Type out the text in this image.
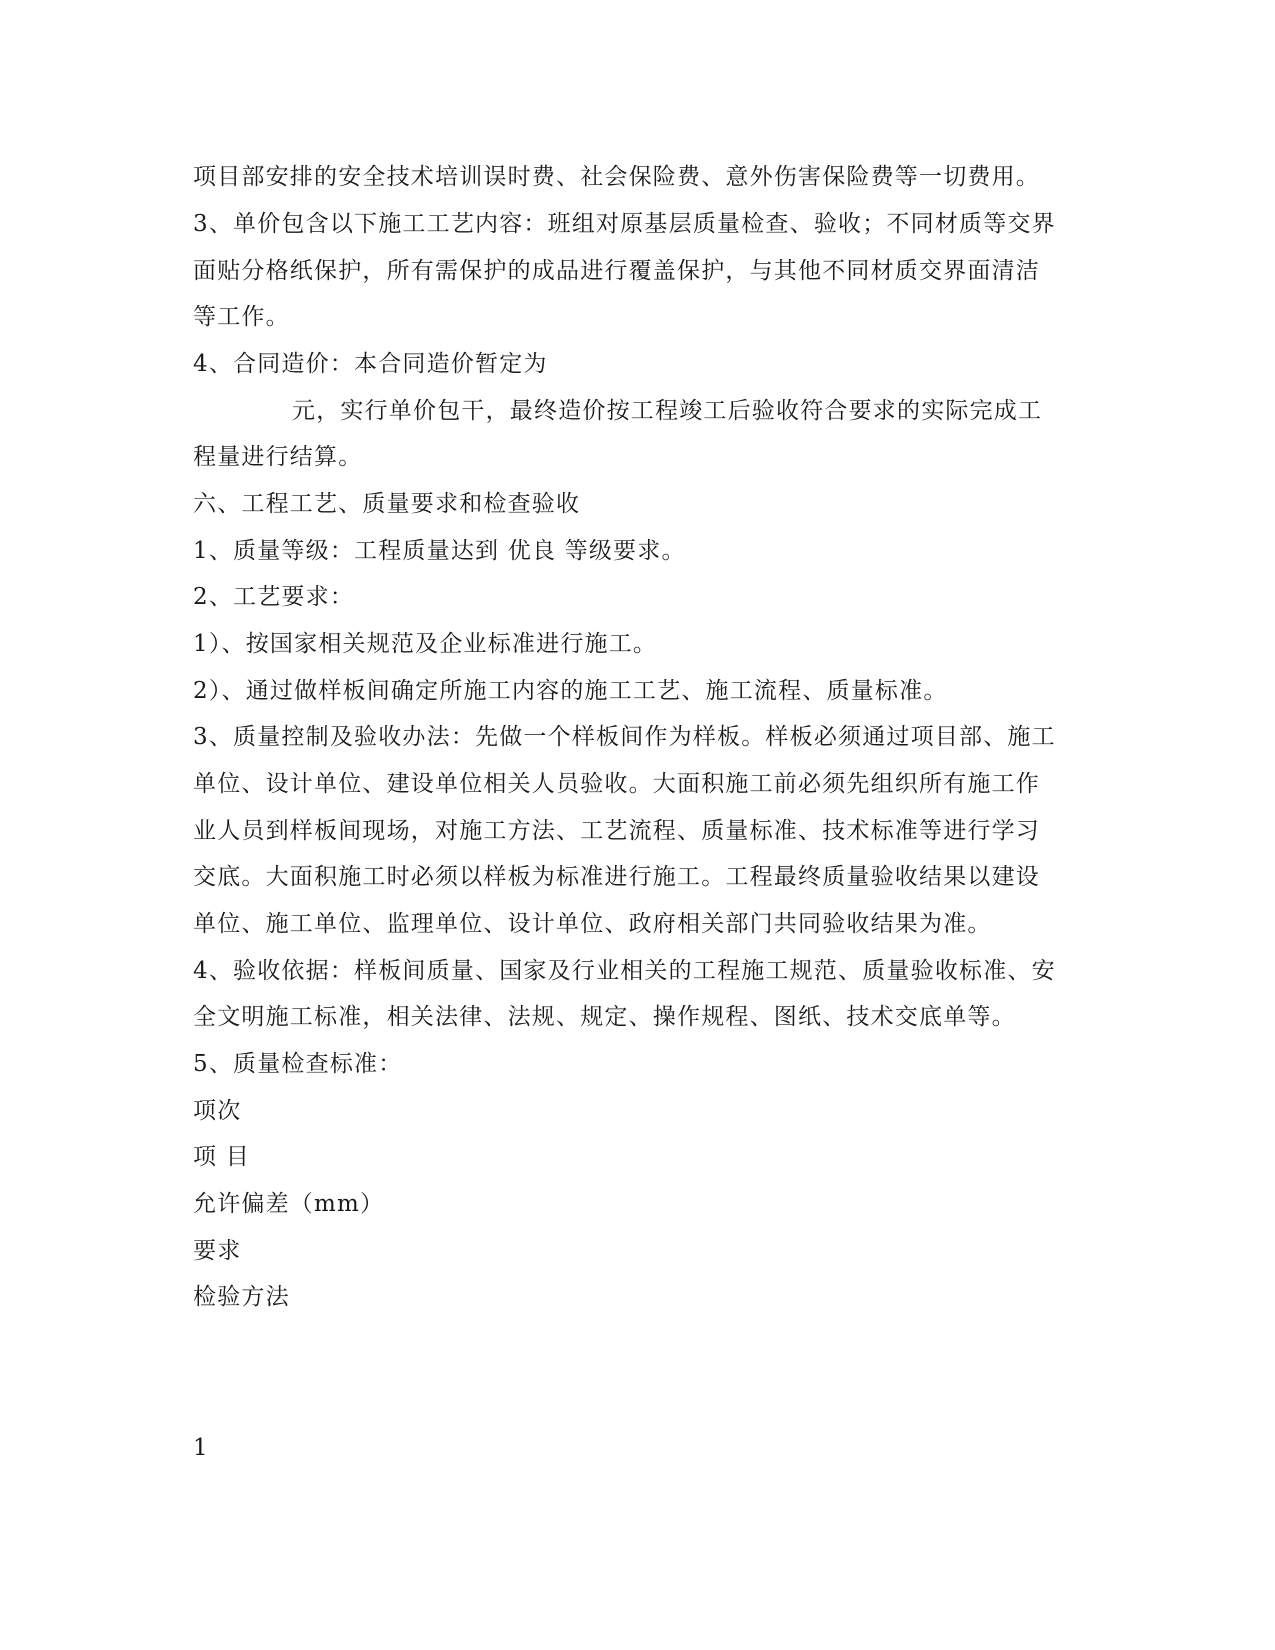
项目部安排的安全技术培训误时费、社会保险费、意外伤害保险费等一切费用。
3、单价包含以下施工工艺内容：班组对原基层质量检查、验收；不同材质等交界
面贴分格纸保护，所有需保护的成品进行覆盖保护，与其他不同材质交界面清洁
等工作。
4、合同造价：本合同造价暂定为
元，实行单价包干，最终造价按工程竣工后验收符合要求的实际完成工
程量进行结算。
六、工程工艺、质量要求和检查验收
1、质量等级：工程质量达到 优良 等级要求。
2、工艺要求：
1）、按国家相关规范及企业标准进行施工。
2）、通过做样板间确定所施工内容的施工工艺、施工流程、质量标准。
3、质量控制及验收办法：先做一个样板间作为样板。样板必须通过项目部、施工
单位、设计单位、建设单位相关人员验收。大面积施工前必须先组织所有施工作
业人员到样板间现场，对施工方法、工艺流程、质量标准、技术标准等进行学习
交底。大面积施工时必须以样板为标准进行施工。工程最终质量验收结果以建设
单位、施工单位、监理单位、设计单位、政府相关部门共同验收结果为准。
4、验收依据：样板间质量、国家及行业相关的工程施工规范、质量验收标准、安
全文明施工标准，相关法律、法规、规定、操作规程、图纸、技术交底单等。
5、质量检查标准：
项次
项 目
允许偏差（mm）
要求
检验方法
1
